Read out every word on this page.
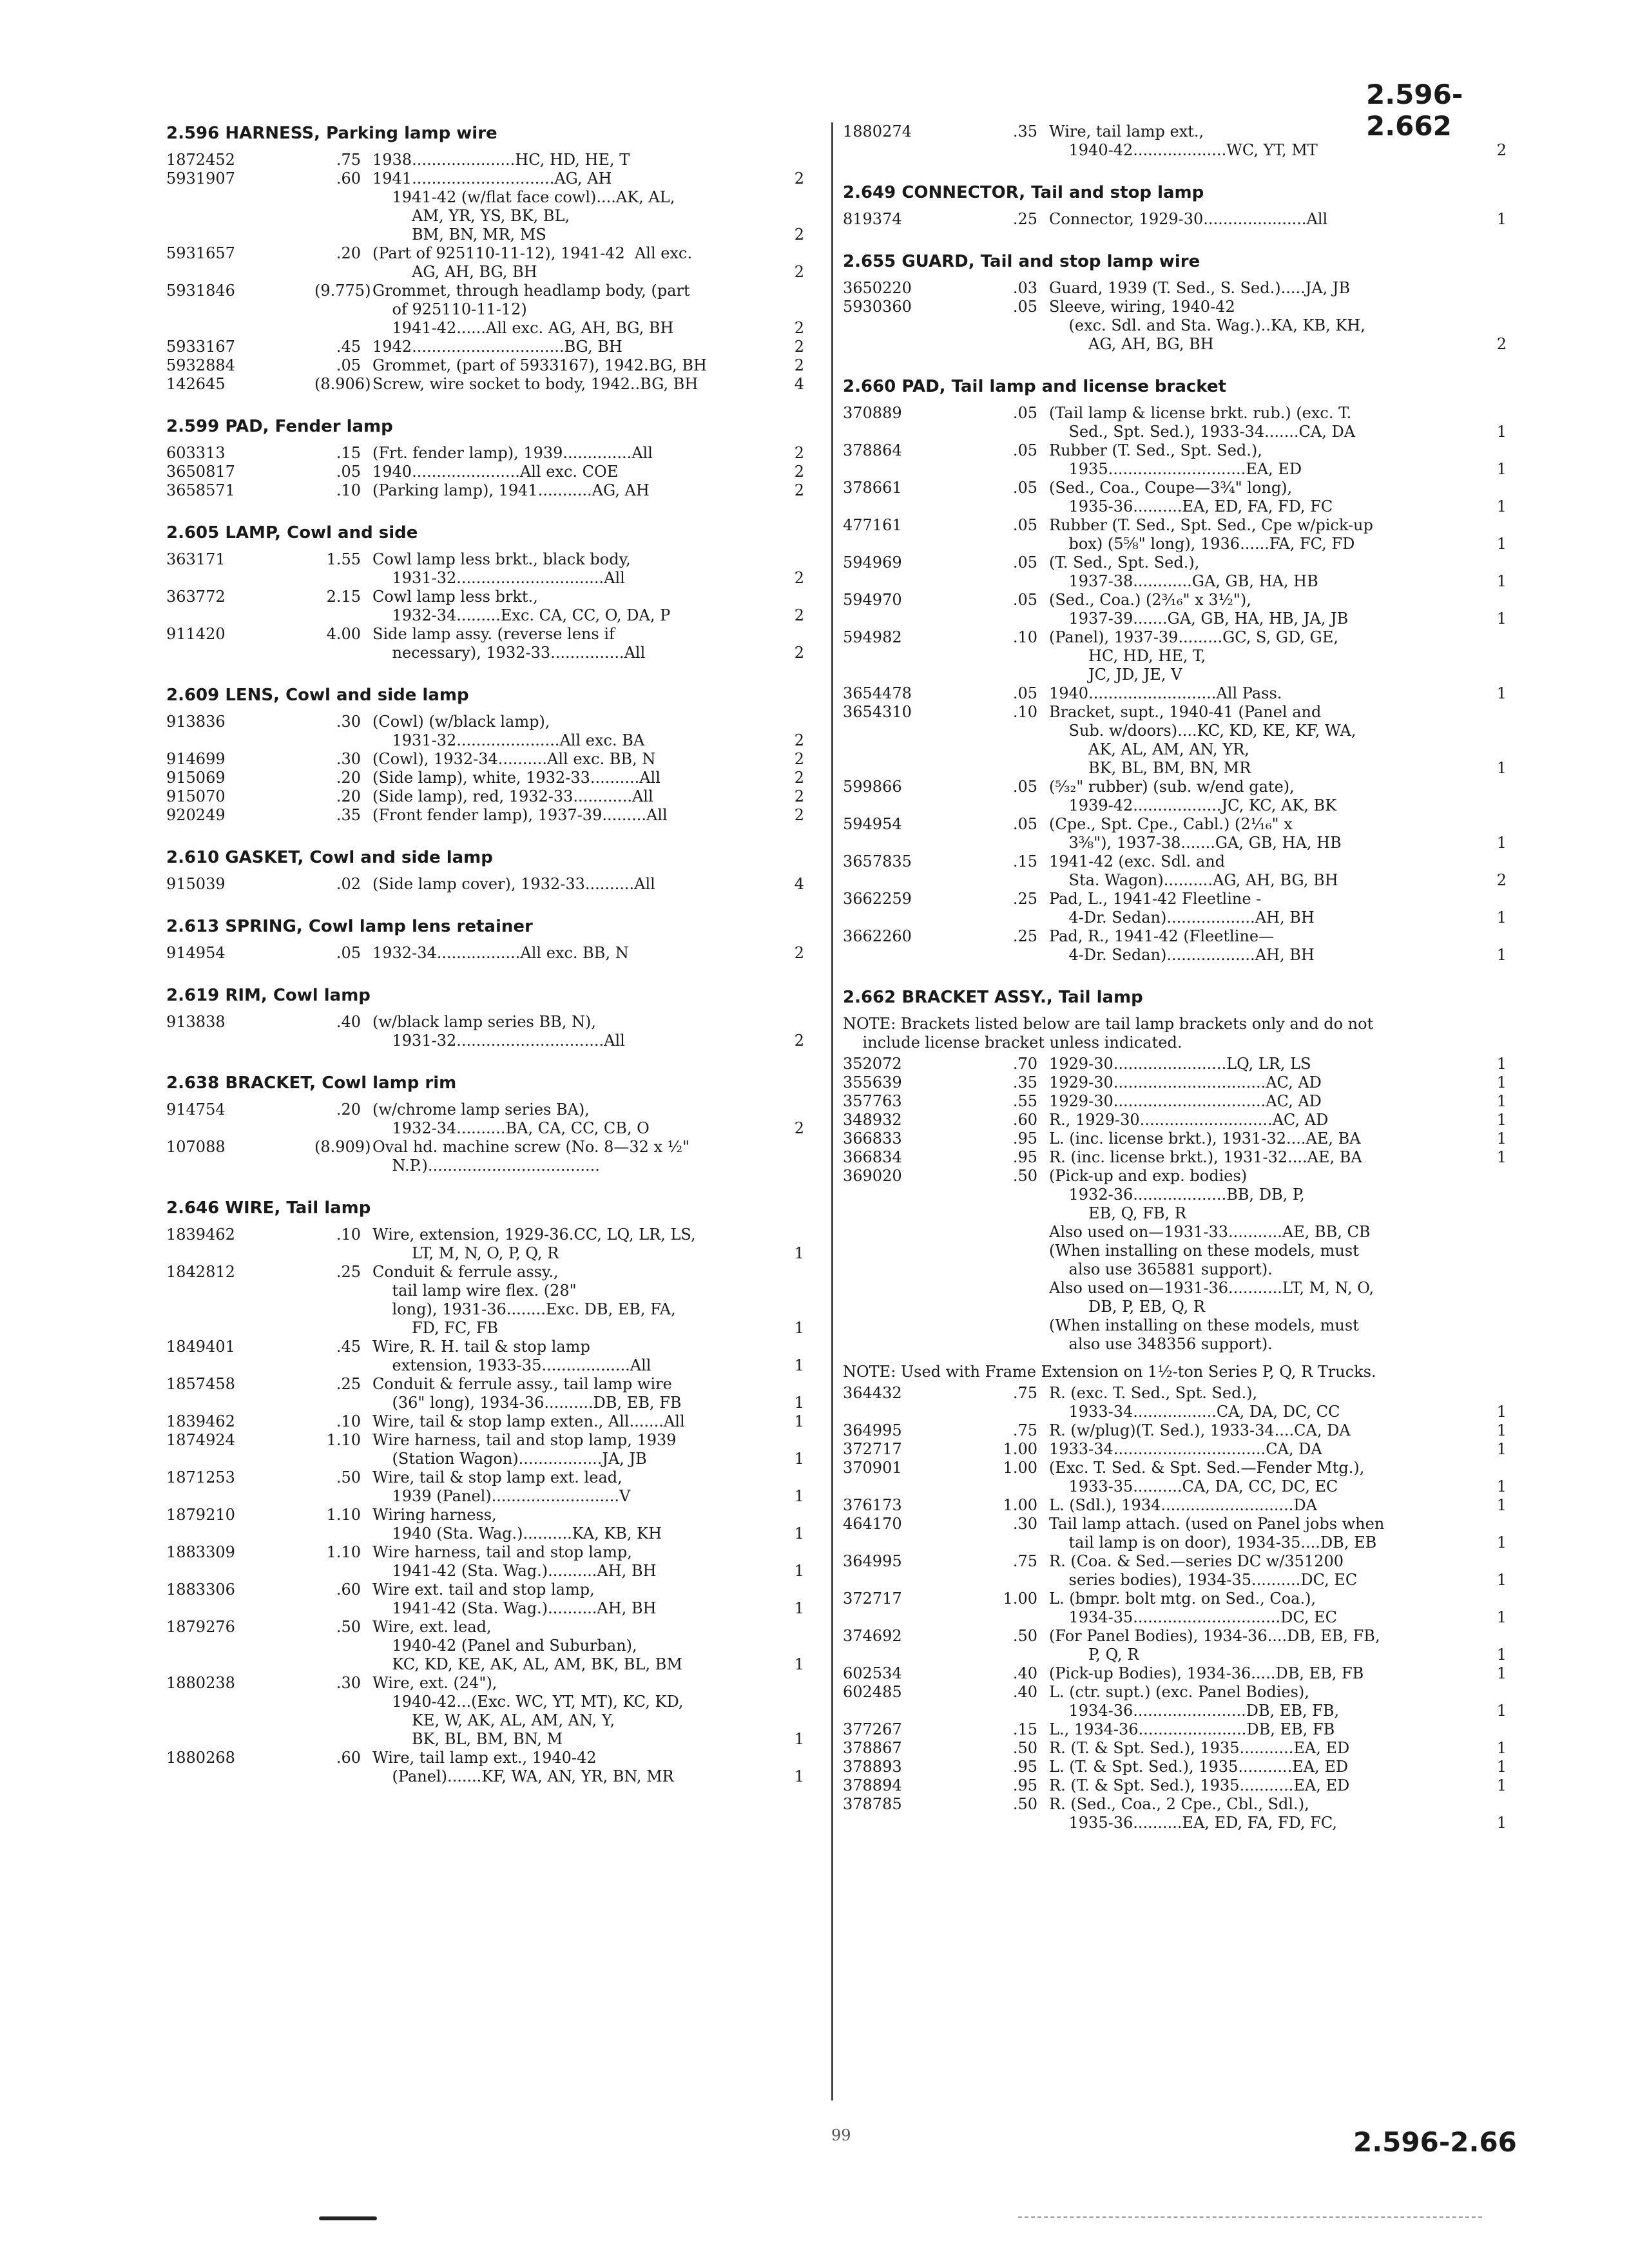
2.596-2.662
2.596 HARNESS, Parking lamp wire
1872452	.75 1938.....................HC, HD, HE, T
5931907	.60 1941.............................AG, AH	2
1941-42 (w/flat face cowl)....AK, AL,
AM, YR, YS, BK, BL,
BM, BN, MR, MS	2
5931657	.20 (Part of 925110-11-12), 1941-42  All exc.
AG, AH, BG, BH	2
5931846	(9.775) Grommet, through headlamp body, (part
of 925110-11-12)
1941-42......All exc. AG, AH, BG, BH	2
5933167	.45 1942...............................BG, BH	2
5932884	.05 Grommet, (part of 5933167), 1942.BG, BH	2
142645	(8.906) Screw, wire socket to body, 1942..BG, BH	4
2.599 PAD, Fender lamp
603313	.15 (Frt. fender lamp), 1939..............All	2
3650817	.05 1940......................All exc. COE	2
3658571	.10 (Parking lamp), 1941...........AG, AH	2
2.605 LAMP, Cowl and side
363171	1.55 Cowl lamp less brkt., black body,
1931-32..............................All	2
363772	2.15 Cowl lamp less brkt.,
1932-34.........Exc. CA, CC, O, DA, P	2
911420	4.00 Side lamp assy. (reverse lens if
necessary), 1932-33...............All	2
2.609 LENS, Cowl and side lamp
913836	.30 (Cowl) (w/black lamp),
1931-32.....................All exc. BA	2
914699	.30 (Cowl), 1932-34..........All exc. BB, N	2
915069	.20 (Side lamp), white, 1932-33..........All	2
915070	.20 (Side lamp), red, 1932-33............All	2
920249	.35 (Front fender lamp), 1937-39.........All	2
2.610 GASKET, Cowl and side lamp
915039	.02 (Side lamp cover), 1932-33..........All	4
2.613 SPRING, Cowl lamp lens retainer
914954	.05 1932-34.................All exc. BB, N	2
2.619 RIM, Cowl lamp
913838	.40 (w/black lamp series BB, N),
1931-32..............................All	2
2.638 BRACKET, Cowl lamp rim
914754	.20 (w/chrome lamp series BA),
1932-34..........BA, CA, CC, CB, O	2
107088	(8.909) Oval hd. machine screw (No. 8—32 x ½"
N.P.)...................................
2.646 WIRE, Tail lamp
1839462	.10 Wire, extension, 1929-36.CC, LQ, LR, LS,
LT, M, N, O, P, Q, R	1
1842812	.25 Conduit & ferrule assy.,
tail lamp wire flex. (28"
long), 1931-36........Exc. DB, EB, FA,
FD, FC, FB	1
1849401	.45 Wire, R. H. tail & stop lamp
extension, 1933-35..................All	1
1857458	.25 Conduit & ferrule assy., tail lamp wire
(36" long), 1934-36..........DB, EB, FB	1
1839462	.10 Wire, tail & stop lamp exten., All.......All	1
1874924	1.10 Wire harness, tail and stop lamp, 1939
(Station Wagon).................JA, JB	1
1871253	.50 Wire, tail & stop lamp ext. lead,
1939 (Panel)..........................V	1
1879210	1.10 Wiring harness,
1940 (Sta. Wag.)..........KA, KB, KH	1
1883309	1.10 Wire harness, tail and stop lamp,
1941-42 (Sta. Wag.)..........AH, BH	1
1883306	.60 Wire ext. tail and stop lamp,
1941-42 (Sta. Wag.)..........AH, BH	1
1879276	.50 Wire, ext. lead,
1940-42 (Panel and Suburban),
KC, KD, KE, AK, AL, AM, BK, BL, BM	1
1880238	.30 Wire, ext. (24"),
1940-42...(Exc. WC, YT, MT), KC, KD,
KE, W, AK, AL, AM, AN, Y,
BK, BL, BM, BN, M	1
1880268	.60 Wire, tail lamp ext., 1940-42
(Panel).......KF, WA, AN, YR, BN, MR	1
1880274	.35 Wire, tail lamp ext.,
1940-42...................WC, YT, MT	2
2.649 CONNECTOR, Tail and stop lamp
819374	.25 Connector, 1929-30.....................All	1
2.655 GUARD, Tail and stop lamp wire
3650220	.03 Guard, 1939 (T. Sed., S. Sed.).....JA, JB
5930360	.05 Sleeve, wiring, 1940-42
(exc. Sdl. and Sta. Wag.)..KA, KB, KH,
AG, AH, BG, BH	2
2.660 PAD, Tail lamp and license bracket
370889	.05 (Tail lamp & license brkt. rub.) (exc. T.
Sed., Spt. Sed.), 1933-34.......CA, DA	1
378864	.05 Rubber (T. Sed., Spt. Sed.),
1935............................EA, ED	1
378661	.05 (Sed., Coa., Coupe—3¾" long),
1935-36..........EA, ED, FA, FD, FC	1
477161	.05 Rubber (T. Sed., Spt. Sed., Cpe w/pick-up
box) (5⅝" long), 1936......FA, FC, FD	1
594969	.05 (T. Sed., Spt. Sed.),
1937-38............GA, GB, HA, HB	1
594970	.05 (Sed., Coa.) (2³⁄₁₆" x 3½"),
1937-39.......GA, GB, HA, HB, JA, JB	1
594982	.10 (Panel), 1937-39.........GC, S, GD, GE,
HC, HD, HE, T,
JC, JD, JE, V
3654478	.05 1940..........................All Pass.	1
3654310	.10 Bracket, supt., 1940-41 (Panel and
Sub. w/doors)....KC, KD, KE, KF, WA,
AK, AL, AM, AN, YR,
BK, BL, BM, BN, MR	1
599866	.05 (⁵⁄₃₂" rubber) (sub. w/end gate),
1939-42..................JC, KC, AK, BK
594954	.05 (Cpe., Spt. Cpe., Cabl.) (2¹⁄₁₆" x
3⅜"), 1937-38.......GA, GB, HA, HB	1
3657835	.15 1941-42 (exc. Sdl. and
Sta. Wagon)..........AG, AH, BG, BH	2
3662259	.25 Pad, L., 1941-42 Fleetline -
4-Dr. Sedan)..................AH, BH	1
3662260	.25 Pad, R., 1941-42 (Fleetline—
4-Dr. Sedan)..................AH, BH	1
2.662 BRACKET ASSY., Tail lamp
NOTE: Brackets listed below are tail lamp brackets only and do not
include license bracket unless indicated.
352072	.70 1929-30.......................LQ, LR, LS	1
355639	.35 1929-30...............................AC, AD	1
357763	.55 1929-30...............................AC, AD	1
348932	.60 R., 1929-30...........................AC, AD	1
366833	.95 L. (inc. license brkt.), 1931-32....AE, BA	1
366834	.95 R. (inc. license brkt.), 1931-32....AE, BA	1
369020	.50 (Pick-up and exp. bodies)
1932-36...................BB, DB, P,
EB, Q, FB, R
Also used on—1931-33...........AE, BB, CB
(When installing on these models, must
also use 365881 support).
Also used on—1931-36...........LT, M, N, O,
DB, P, EB, Q, R
(When installing on these models, must
also use 348356 support).
NOTE: Used with Frame Extension on 1½-ton Series P, Q, R Trucks.
364432	.75 R. (exc. T. Sed., Spt. Sed.),
1933-34.................CA, DA, DC, CC	1
364995	.75 R. (w/plug)(T. Sed.), 1933-34....CA, DA	1
372717	1.00 1933-34...............................CA, DA	1
370901	1.00 (Exc. T. Sed. & Spt. Sed.—Fender Mtg.),
1933-35..........CA, DA, CC, DC, EC	1
376173	1.00 L. (Sdl.), 1934...........................DA	1
464170	.30 Tail lamp attach. (used on Panel jobs when
tail lamp is on door), 1934-35....DB, EB	1
364995	.75 R. (Coa. & Sed.—series DC w/351200
series bodies), 1934-35..........DC, EC	1
372717	1.00 L. (bmpr. bolt mtg. on Sed., Coa.),
1934-35..............................DC, EC	1
374692	.50 (For Panel Bodies), 1934-36....DB, EB, FB,
P, Q, R	1
602534	.40 (Pick-up Bodies), 1934-36.....DB, EB, FB	1
602485	.40 L. (ctr. supt.) (exc. Panel Bodies),
1934-36.......................DB, EB, FB,	1
377267	.15 L., 1934-36......................DB, EB, FB
378867	.50 R. (T. & Spt. Sed.), 1935...........EA, ED	1
378893	.95 L. (T. & Spt. Sed.), 1935...........EA, ED	1
378894	.95 R. (T. & Spt. Sed.), 1935...........EA, ED	1
378785	.50 R. (Sed., Coa., 2 Cpe., Cbl., Sdl.),
1935-36..........EA, ED, FA, FD, FC,	1
99	2.596-2.66
